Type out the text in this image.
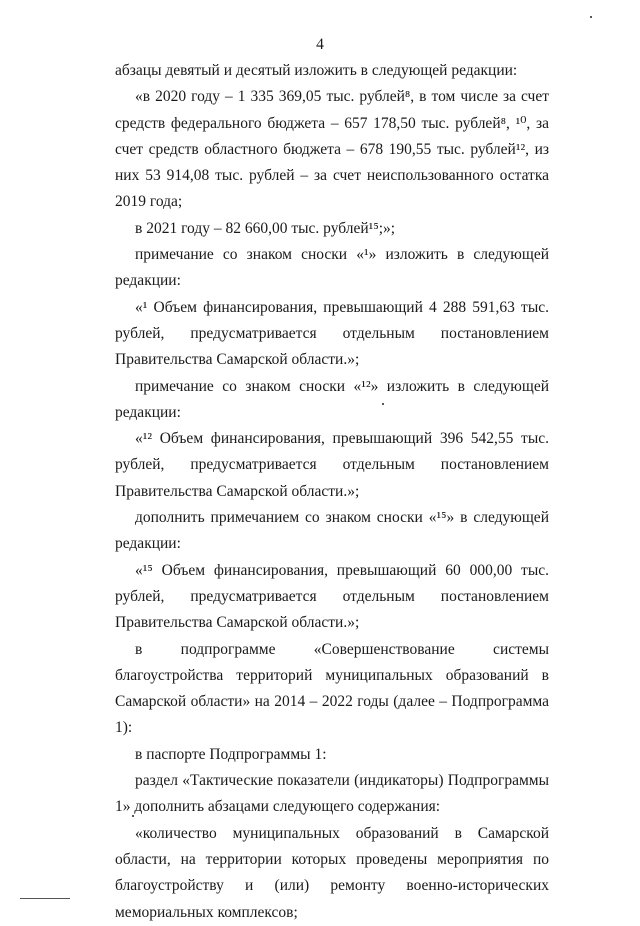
4

абзацы девятый и десятый изложить в следующей редакции:

«в 2020 году – 1 335 369,05 тыс. рублей⁸, в том числе за счет средств федерального бюджета – 657 178,50 тыс. рублей⁸, ¹⁰, за счет средств областного бюджета – 678 190,55 тыс. рублей¹², из них 53 914,08 тыс. рублей – за счет неиспользованного остатка 2019 года;

в 2021 году – 82 660,00 тыс. рублей¹⁵;»;

примечание со знаком сноски «¹» изложить в следующей редакции:

«¹ Объем финансирования, превышающий 4 288 591,63 тыс. рублей, предусматривается отдельным постановлением Правительства Самарской области.»;

примечание со знаком сноски «¹²» изложить в следующей редакции:

«¹² Объем финансирования, превышающий 396 542,55 тыс. рублей, предусматривается отдельным постановлением Правительства Самарской области.»;

дополнить примечанием со знаком сноски «¹⁵» в следующей редакции:

«¹⁵ Объем финансирования, превышающий 60 000,00 тыс. рублей, предусматривается отдельным постановлением Правительства Самарской области.»;

в подпрограмме «Совершенствование системы благоустройства территорий муниципальных образований в Самарской области» на 2014 – 2022 годы (далее – Подпрограмма 1):

в паспорте Подпрограммы 1:

раздел «Тактические показатели (индикаторы) Подпрограммы 1» дополнить абзацами следующего содержания:

«количество муниципальных образований в Самарской области, на территории которых проведены мероприятия по благоустройству и (или) ремонту военно-исторических мемориальных комплексов;
